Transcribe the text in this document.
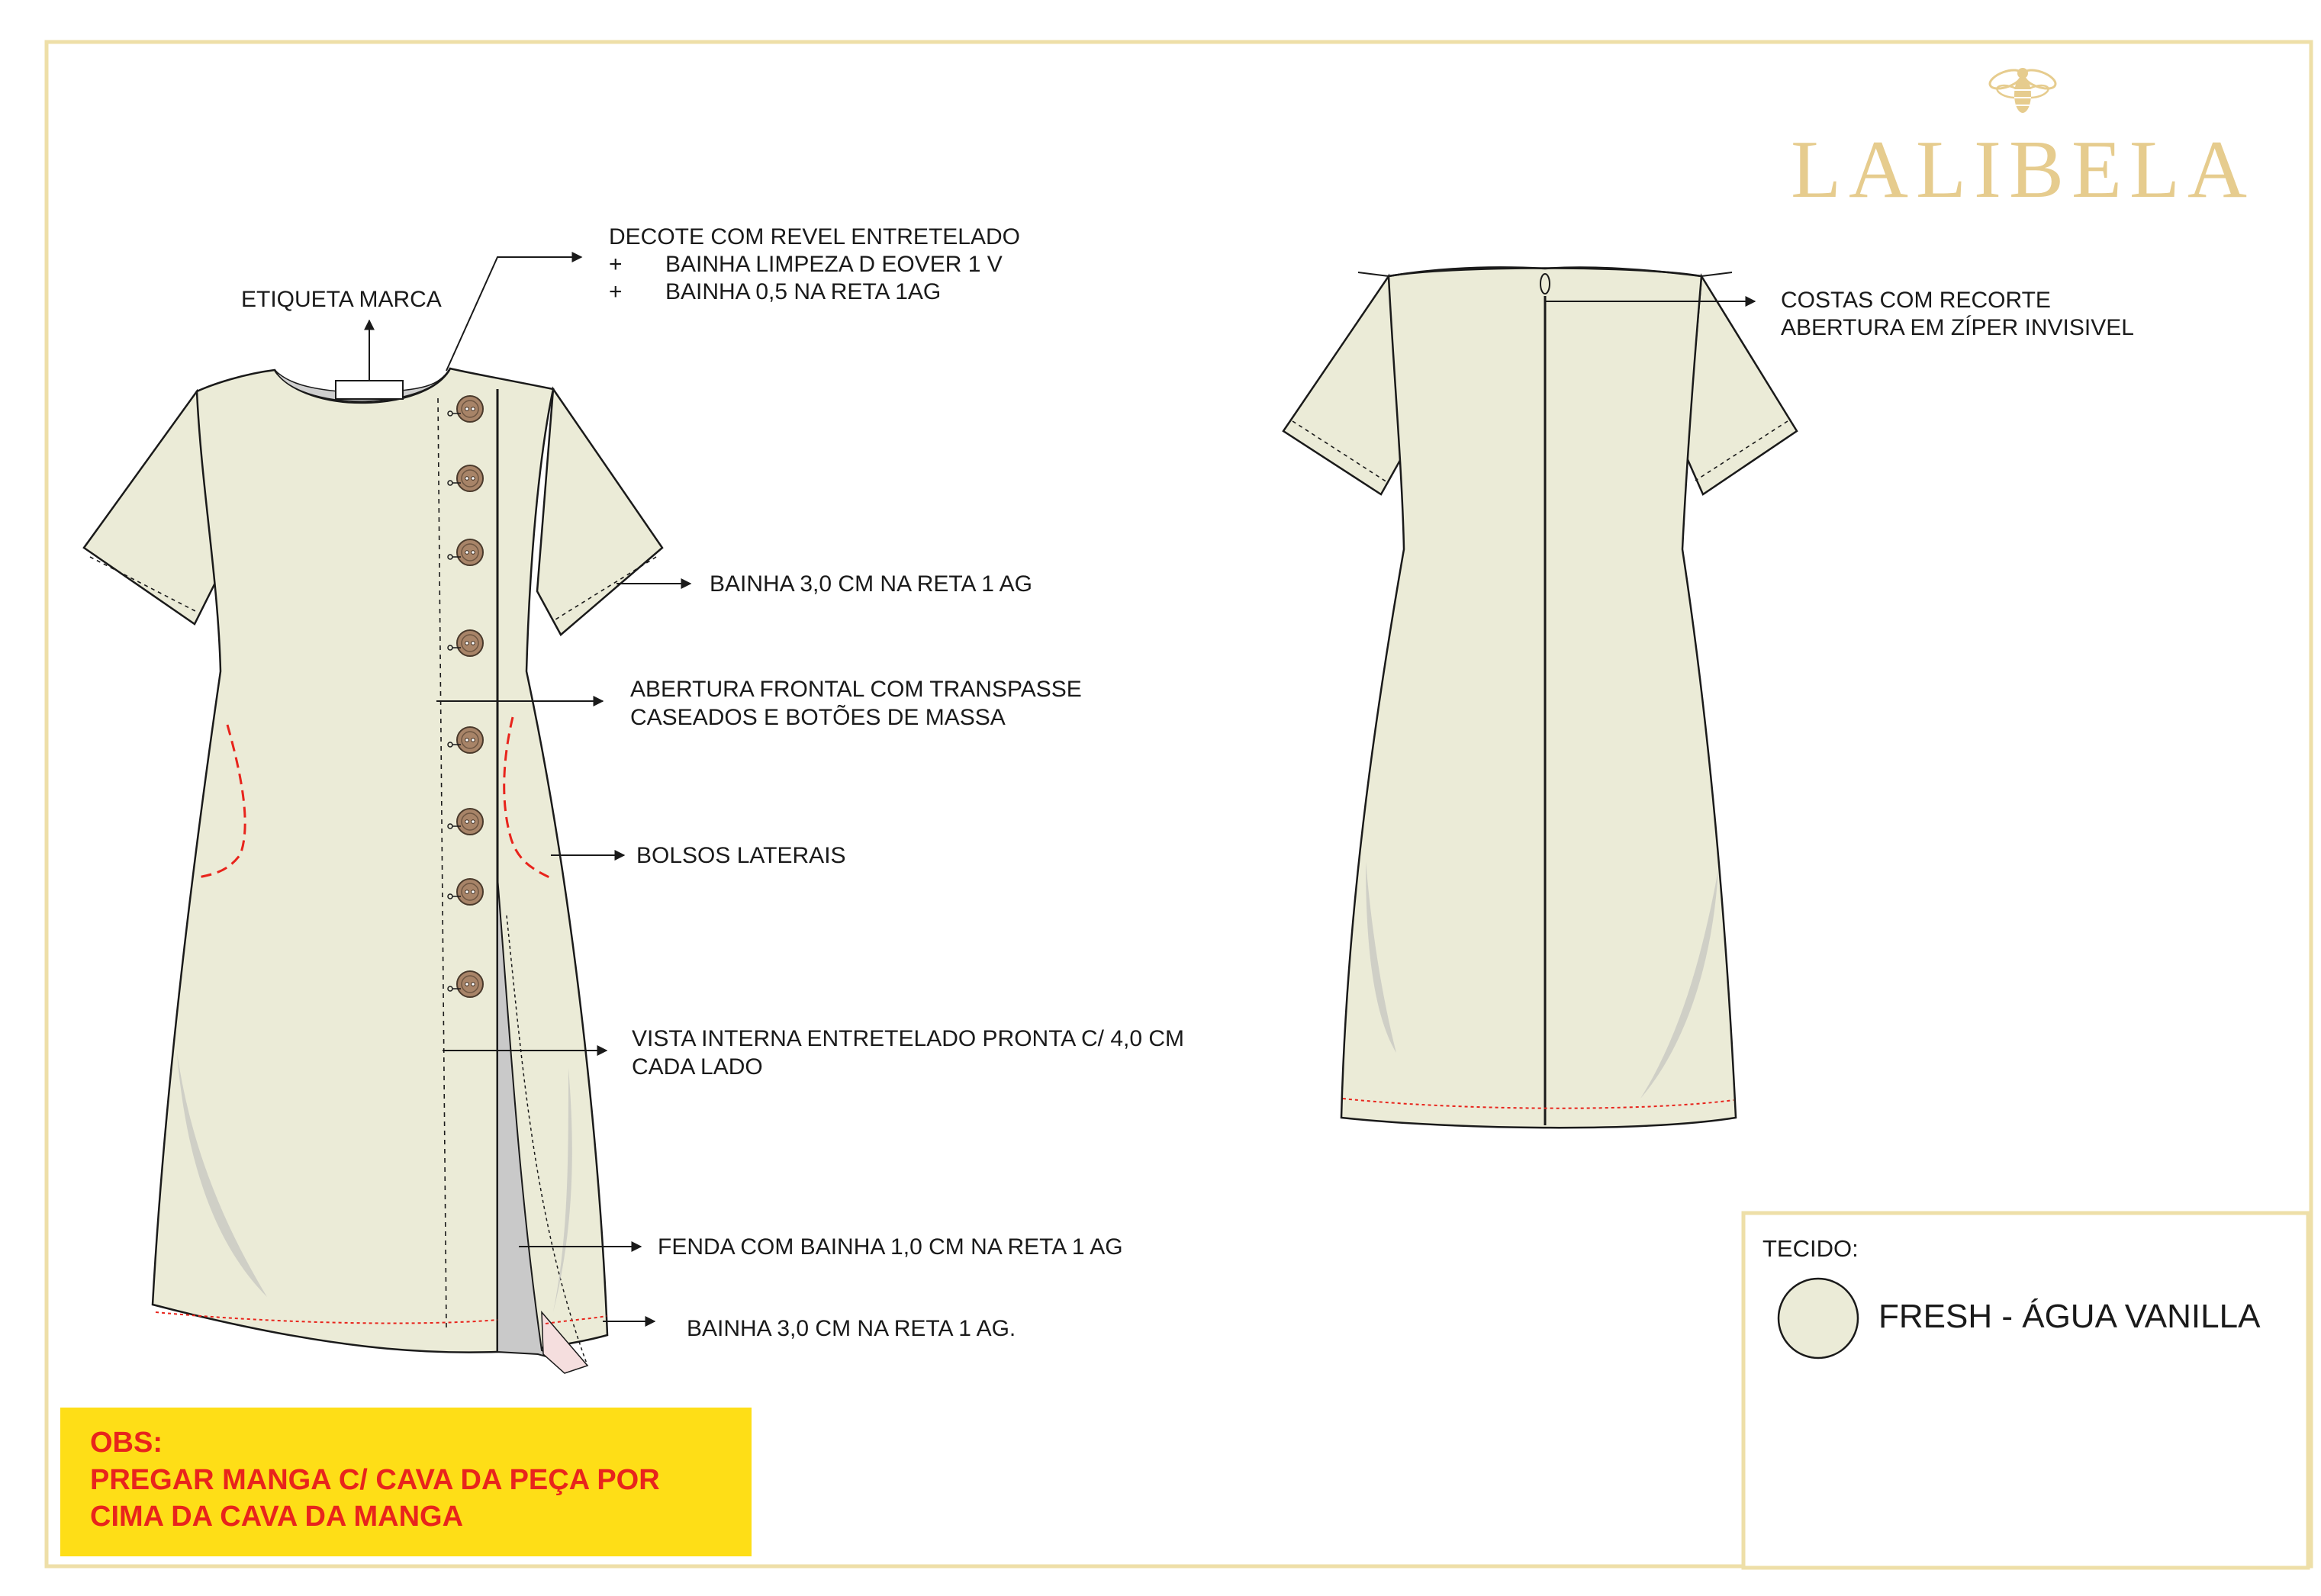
LALIBELA
ETIQUETA MARCA
DECOTE COM REVEL ENTRETELADO
+ BAINHA LIMPEZA D EOVER 1 V
+ BAINHA 0,5 NA RETA 1AG
BAINHA 3,0 CM NA RETA 1 AG
ABERTURA FRONTAL COM TRANSPASSE
CASEADOS E BOTÕES DE MASSA
BOLSOS LATERAIS
VISTA INTERNA ENTRETELADO PRONTA C/ 4,0 CM
CADA LADO
FENDA COM BAINHA 1,0 CM NA RETA 1 AG
BAINHA 3,0 CM NA RETA 1 AG.
COSTAS COM RECORTE
ABERTURA EM ZÍPER INVISIVEL
OBS:
PREGAR MANGA C/ CAVA DA PEÇA POR
CIMA DA CAVA DA MANGA
TECIDO:
FRESH - ÁGUA VANILLA
